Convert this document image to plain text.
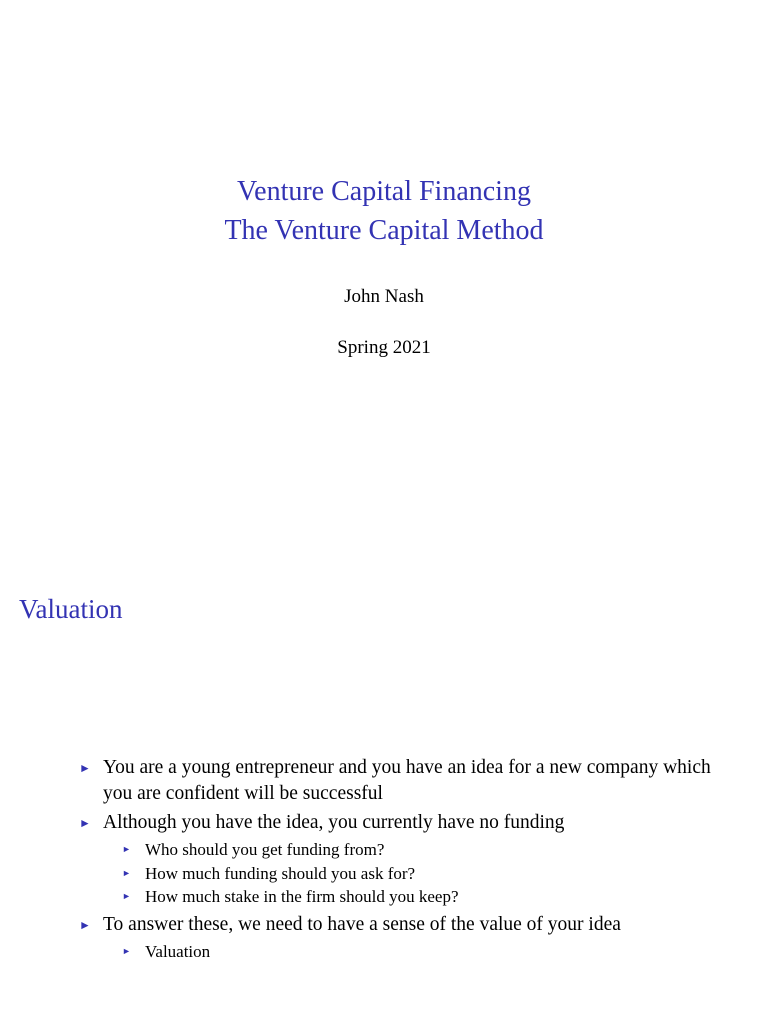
Venture Capital Financing
The Venture Capital Method
John Nash
Spring 2021
Valuation
► You are a young entrepreneur and you have an idea for a new company which you are confident will be successful
► Although you have the idea, you currently have no funding
► Who should you get funding from?
► How much funding should you ask for?
► How much stake in the firm should you keep?
► To answer these, we need to have a sense of the value of your idea
► Valuation
